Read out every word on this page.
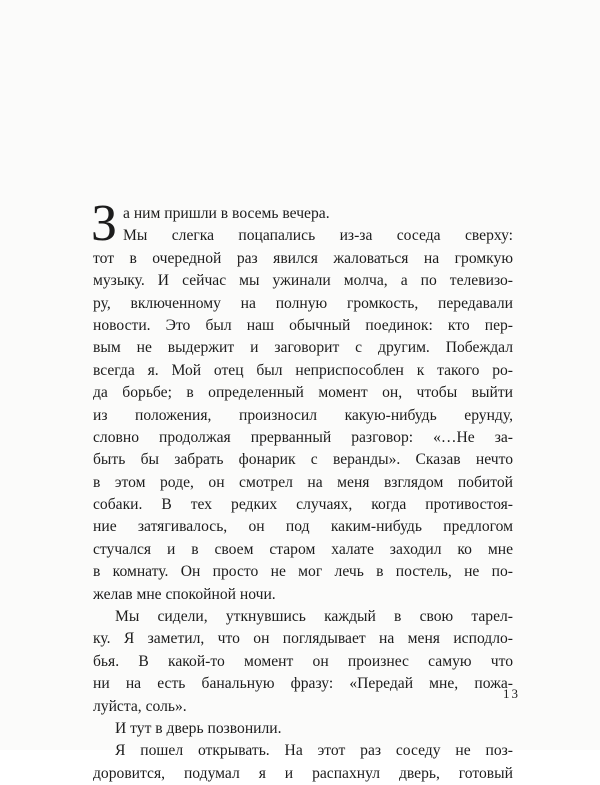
З а ним пришли в восемь вечера.
Мы слегка поцапались из-за соседа сверху:
тот в очередной раз явился жаловаться на громкую
музыку. И сейчас мы ужинали молча, а по телевизо-
ру, включенному на полную громкость, передавали
новости. Это был наш обычный поединок: кто пер-
вым не выдержит и заговорит с другим. Побеждал
всегда я. Мой отец был неприспособлен к такого ро-
да борьбе; в определенный момент он, чтобы выйти
из положения, произносил какую-нибудь ерунду,
словно продолжая прерванный разговор: «…Не за-
быть бы забрать фонарик с веранды». Сказав нечто
в этом роде, он смотрел на меня взглядом побитой
собаки. В тех редких случаях, когда противостоя-
ние затягивалось, он под каким-нибудь предлогом
стучался и в своем старом халате заходил ко мне
в комнату. Он просто не мог лечь в постель, не по-
желав мне спокойной ночи.
Мы сидели, уткнувшись каждый в свою тарел-
ку. Я заметил, что он поглядывает на меня исподло-
бья. В какой-то момент он произнес самую что
ни на есть банальную фразу: «Передай мне, пожа-
луйста, соль».
И тут в дверь позвонили.
Я пошел открывать. На этот раз соседу не поз-
доровится, подумал я и распахнул дверь, готовый
13
